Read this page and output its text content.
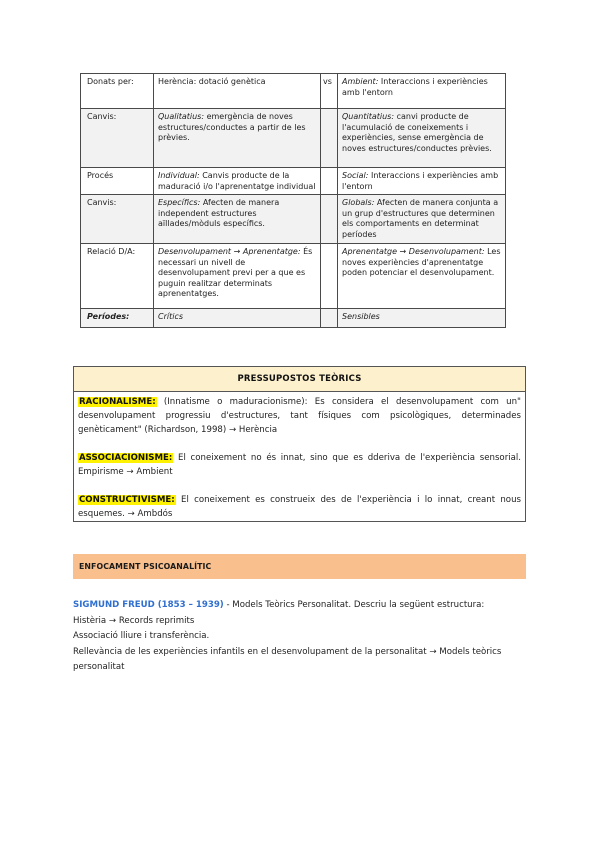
Donats per:	Herència: dotació genètica	vs	Ambient: Interaccions i experiències amb l'entorn
Canvis:	Qualitatius: emergència de noves estructures/conductes a partir de les prèvies.		Quantitatius: canvi producte de l'acumulació de coneixements i experiències, sense emergència de noves estructures/conductes prèvies.
Procés	Individual: Canvis producte de la maduració i/o l'aprenentatge individual		Social: Interaccions i experiències amb l'entorn
Canvis:	Específics: Afecten de manera independent estructures aïllades/mòduls específics.		Globals: Afecten de manera conjunta a un grup d'estructures que determinen els comportaments en determinat períodes
Relació D/A:	Desenvolupament → Aprenentatge: És necessari un nivell de desenvolupament previ per a que es puguin realitzar determinats aprenentatges.		Aprenentatge → Desenvolupament: Les noves experiències d'aprenentatge poden potenciar el desenvolupament.
Períodes:	Crítics		Sensibles
PRESSUPOSTOS TEÒRICS

RACIONALISME: (Innatisme o maduracionisme): Es considera el desenvolupament com un" desenvolupament progressiu d'estructures, tant físiques com psicològiques, determinades genèticament" (Richardson, 1998) → Herència

ASSOCIACIONISME: El coneixement no és innat, sino que es dderiva de l'experiència sensorial. Empirisme → Ambient

CONSTRUCTIVISME: El coneixement es construeix des de l'experiència i lo innat, creant nous esquemes. → Ambdós

ENFOCAMENT PSICOANALÍTIC
SIGMUND FREUD (1853 – 1939) - Models Teòrics Personalitat. Descriu la següent estructura:
Histèria → Records reprimits
Associació lliure i transferència.
Rellevància de les experiències infantils en el desenvolupament de la personalitat → Models teòrics personalitat
